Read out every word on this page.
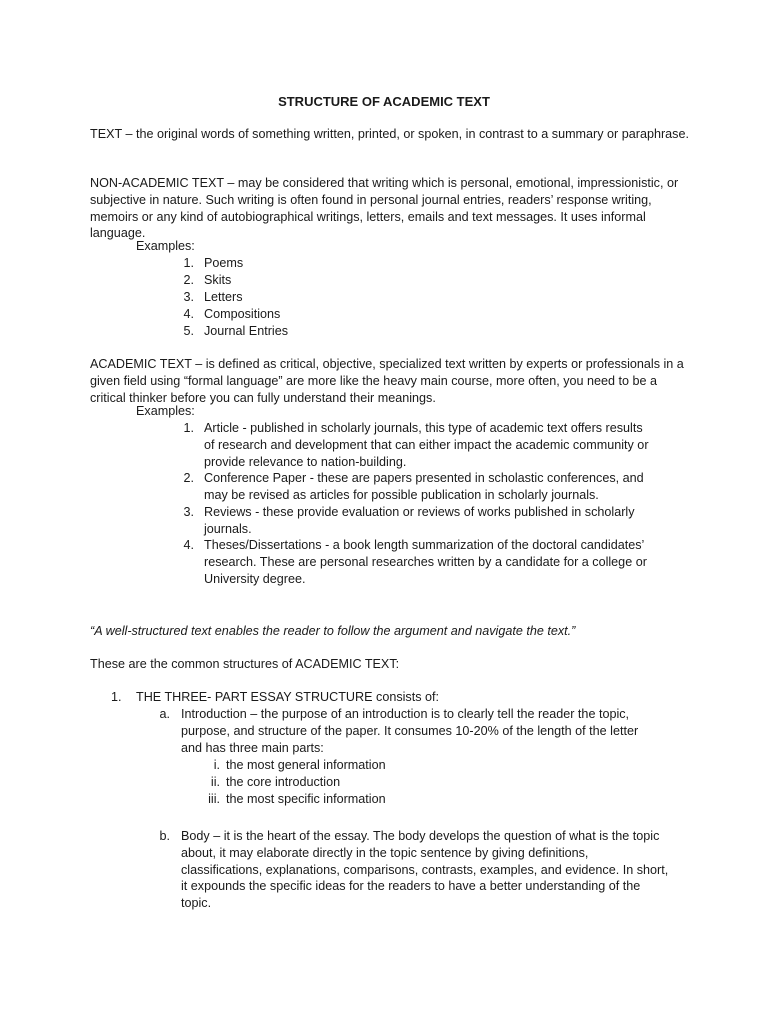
STRUCTURE OF ACADEMIC TEXT

TEXT – the original words of something written, printed, or spoken, in contrast to a summary or paraphrase.

NON-ACADEMIC TEXT – may be considered that writing which is personal, emotional, impressionistic, or subjective in nature. Such writing is often found in personal journal entries, readers’ response writing, memoirs or any kind of autobiographical writings, letters, emails and text messages. It uses informal language.

Examples:
1. Poems
2. Skits
3. Letters
4. Compositions
5. Journal Entries

ACADEMIC TEXT – is defined as critical, objective, specialized text written by experts or professionals in a given field using “formal language” are more like the heavy main course, more often, you need to be a critical thinker before you can fully understand their meanings.

Examples:
1. Article - published in scholarly journals, this type of academic text offers results of research and development that can either impact the academic community or provide relevance to nation-building.
2. Conference Paper - these are papers presented in scholastic conferences, and may be revised as articles for possible publication in scholarly journals.
3. Reviews - these provide evaluation or reviews of works published in scholarly journals.
4. Theses/Dissertations - a book length summarization of the doctoral candidates’ research. These are personal researches written by a candidate for a college or University degree.

“A well-structured text enables the reader to follow the argument and navigate the text.”

These are the common structures of ACADEMIC TEXT:

1. THE THREE- PART ESSAY STRUCTURE consists of:
a. Introduction – the purpose of an introduction is to clearly tell the reader the topic, purpose, and structure of the paper. It consumes 10-20% of the length of the letter and has three main parts:
i. the most general information
ii. the core introduction
iii. the most specific information
b. Body – it is the heart of the essay. The body develops the question of what is the topic about, it may elaborate directly in the topic sentence by giving definitions, classifications, explanations, comparisons, contrasts, examples, and evidence. In short, it expounds the specific ideas for the readers to have a better understanding of the topic.
